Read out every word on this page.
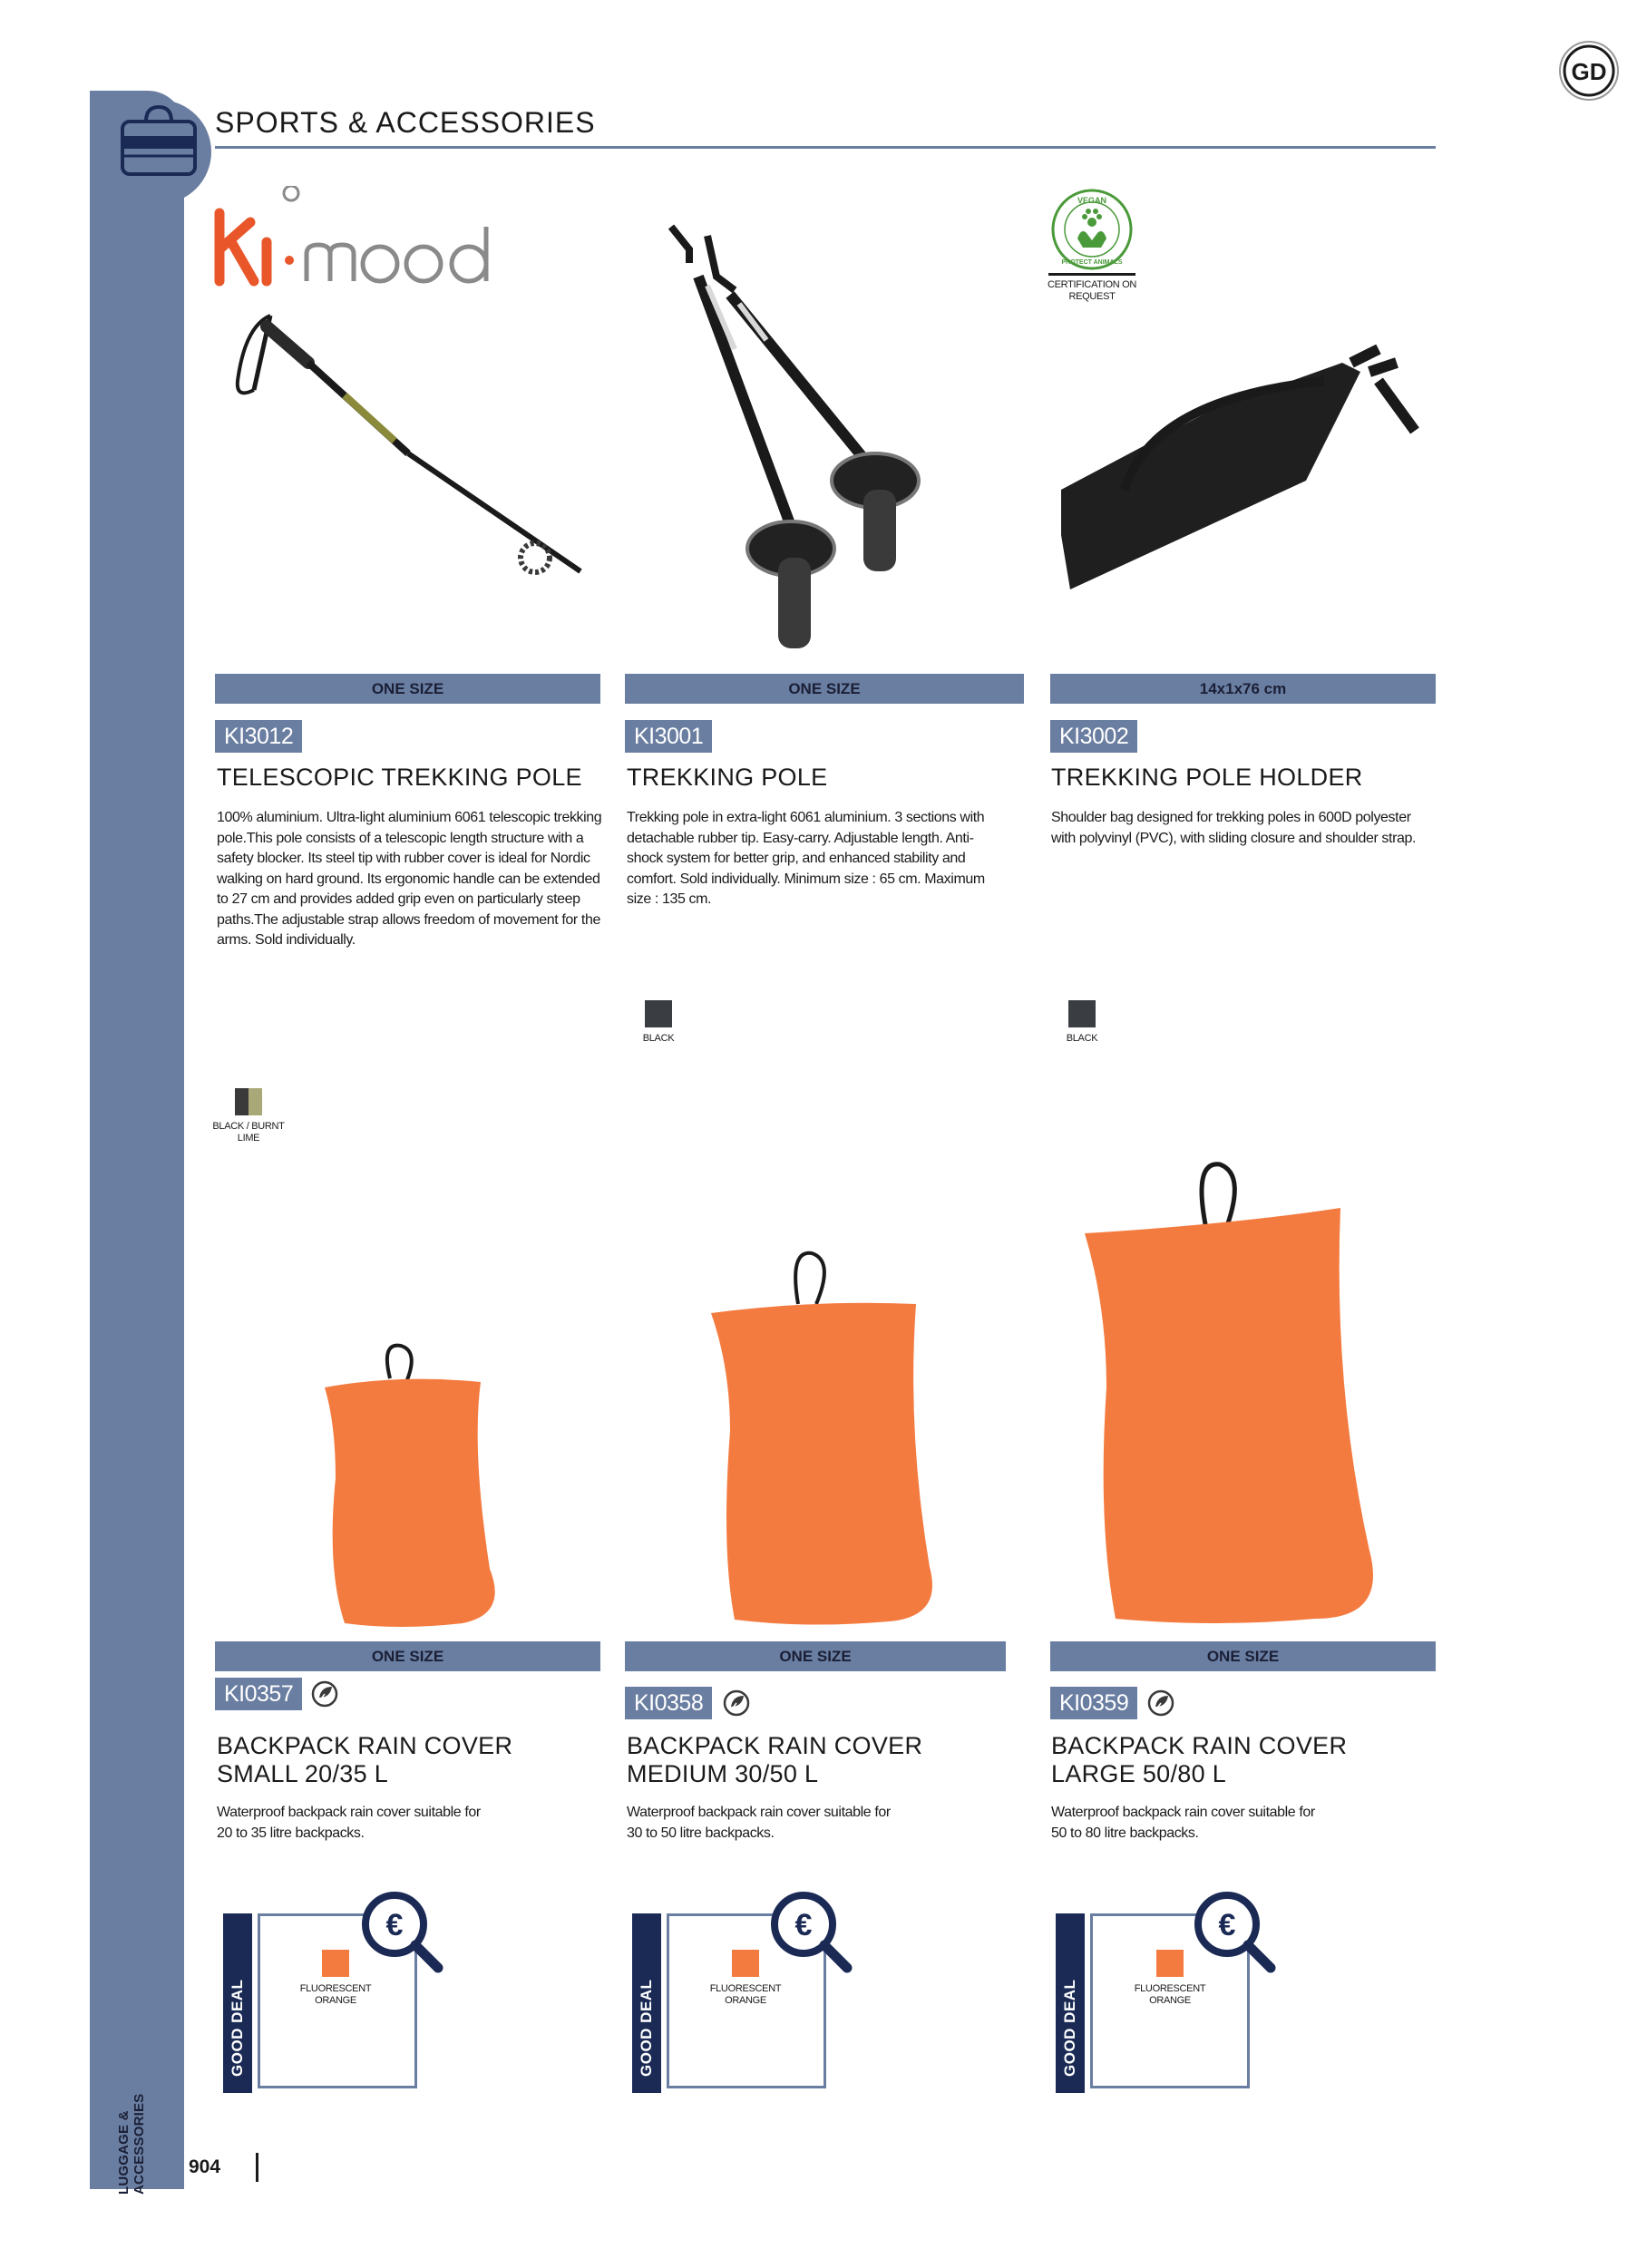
LUGGAGE & ACCESSORIES 904
SPORTS & ACCESSORIES
GD
VEGAN
PROTECT ANIMALS
CERTIFICATION ON REQUEST
ONE SIZE	ONE SIZE	14x1x76 cm
KI3012	KI3001	KI3002
TELESCOPIC TREKKING POLE TREKKING POLE	TREKKING POLE HOLDER
100% aluminium. Ultra-light aluminium 6061 telescopic trekking pole.This pole consists of a telescopic length structure with a safety blocker. Its steel tip with rubber cover is ideal for Nordic walking on hard ground. Its ergonomic handle can be extended to 27 cm and provides added grip even on particularly steep paths.The adjustable strap allows freedom of movement for the arms. Sold individually.
Trekking pole in extra-light 6061 aluminium. 3 sections with detachable rubber tip. Easy-carry. Adjustable length. Anti-shock system for better grip, and enhanced stability and comfort. Sold individually. Minimum size : 65 cm. Maximum size : 135 cm.
Shoulder bag designed for trekking poles in 600D polyester with polyvinyl (PVC), with sliding closure and shoulder strap.
BLACK / BURNT LIME
BLACK	BLACK
ONE SIZE	ONE SIZE	ONE SIZE
KI0357	KI0358	KI0359
BACKPACK RAIN COVER
SMALL 20/35 L
BACKPACK RAIN COVER
MEDIUM 30/50 L
BACKPACK RAIN COVER
LARGE 50/80 L
Waterproof backpack rain cover suitable for 20 to 35 litre backpacks.
Waterproof backpack rain cover suitable for 30 to 50 litre backpacks.
Waterproof backpack rain cover suitable for 50 to 80 litre backpacks.
GOOD DEAL	FLUORESCENT ORANGE
€
GOOD DEAL	FLUORESCENT ORANGE
€
GOOD DEAL	FLUORESCENT ORANGE
€
